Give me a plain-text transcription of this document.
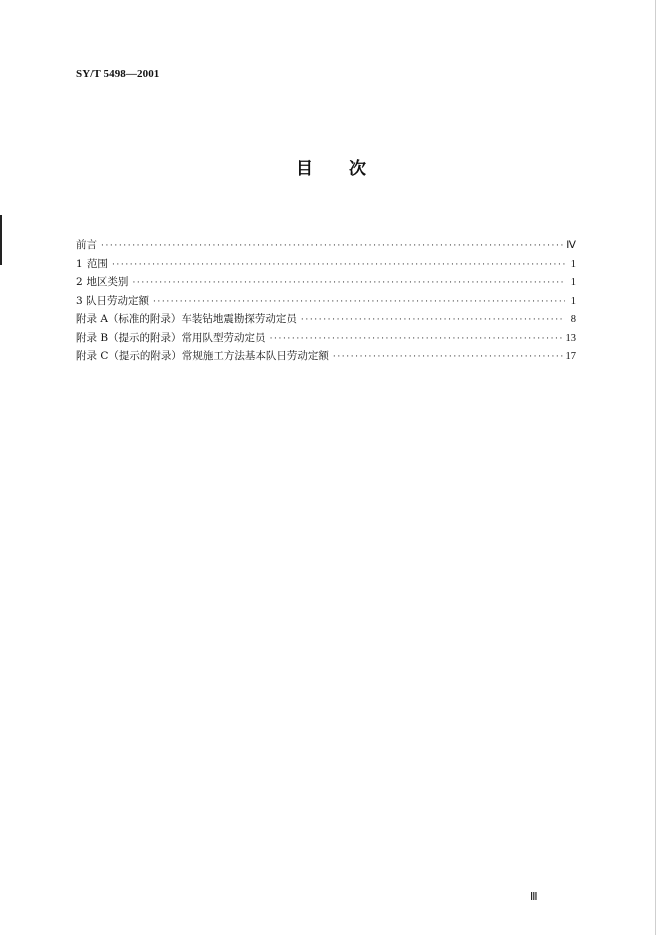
SY/T 5498—2001
目 次
前言 ·····	Ⅳ
1 范围 ·····	1
2 地区类别 ·····	1
3 队日劳动定额 ·····	1
附录 A（标准的附录） 车装钻地震勘探劳动定员 ·····	8
附录 B（提示的附录） 常用队型劳动定员 ·····	13
附录 C（提示的附录） 常规施工方法基本队日劳动定额 ·····	17
Ⅲ
